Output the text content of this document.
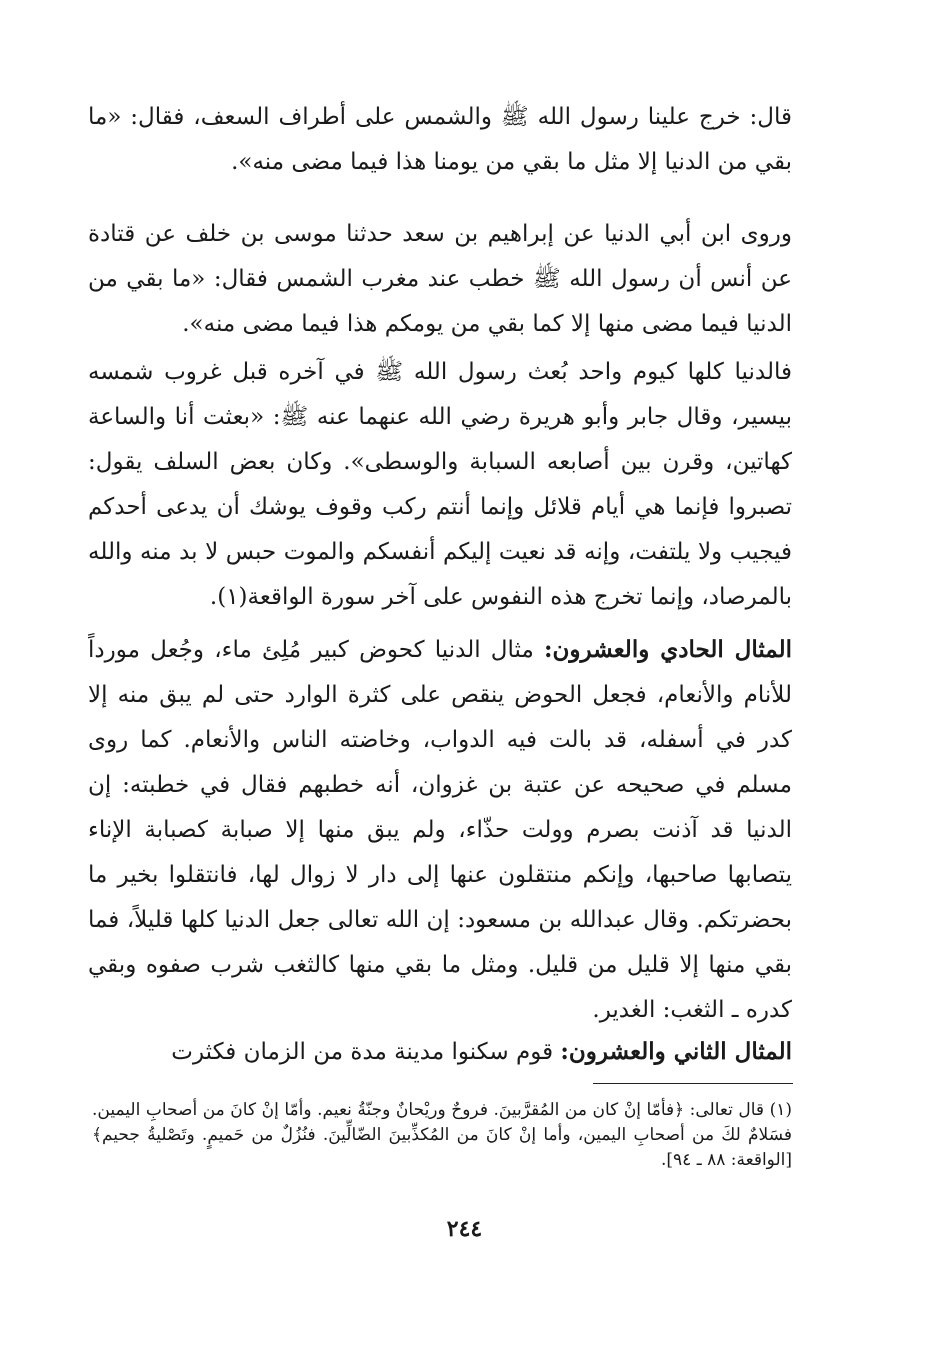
قال: خرج علينا رسول الله ﷺ والشمس على أطراف السعف، فقال: «ما بقي من الدنيا إلا مثل ما بقي من يومنا هذا فيما مضى منه».

وروى ابن أبي الدنيا عن إبراهيم بن سعد حدثنا موسى بن خلف عن قتادة عن أنس أن رسول الله ﷺ خطب عند مغرب الشمس فقال: «ما بقي من الدنيا فيما مضى منها إلا كما بقي من يومكم هذا فيما مضى منه».

فالدنيا كلها كيوم واحد بُعث رسول الله ﷺ في آخره قبل غروب شمسه بيسير، وقال جابر وأبو هريرة رضي الله عنهما عنه ﷺ: «بعثت أنا والساعة كهاتين، وقرن بين أصابعه السبابة والوسطى». وكان بعض السلف يقول: تصبروا فإنما هي أيام قلائل وإنما أنتم ركب وقوف يوشك أن يدعى أحدكم فيجيب ولا يلتفت، وإنه قد نعيت إليكم أنفسكم والموت حبس لا بد منه والله بالمرصاد، وإنما تخرج هذه النفوس على آخر سورة الواقعة(١).

المثال الحادي والعشرون: مثال الدنيا كحوض كبير مُلِئ ماء، وجُعل مورداً للأنام والأنعام، فجعل الحوض ينقص على كثرة الوارد حتى لم يبق منه إلا كدر في أسفله، قد بالت فيه الدواب، وخاضته الناس والأنعام. كما روى مسلم في صحيحه عن عتبة بن غزوان، أنه خطبهم فقال في خطبته: إن الدنيا قد آذنت بصرم وولت حذّاء، ولم يبق منها إلا صبابة كصبابة الإناء يتصابها صاحبها، وإنكم منتقلون عنها إلى دار لا زوال لها، فانتقلوا بخير ما بحضرتكم. وقال عبدالله بن مسعود: إن الله تعالى جعل الدنيا كلها قليلاً، فما بقي منها إلا قليل من قليل. ومثل ما بقي منها كالثغب شرب صفوه وبقي كدره ـ الثغب: الغدير.

المثال الثاني والعشرون: قوم سكنوا مدينة مدة من الزمان فكثرت

(١) قال تعالى: ﴿فأمّا إنْ كان من المُقرَّبينَ. فروحٌ وريْحانٌ وجنّةُ نعيم. وأمّا إنْ كانَ من أصحابِ اليمين. فسَلامٌ لكَ من أصحابِ اليمين، وأما إنْ كانَ من المُكذِّبينَ الضّالِّينَ. فنُزُلٌ من حَميمٍ. وتَصْليةُ جحيم﴾ [الواقعة: ٨٨ ـ ٩٤].

٢٤٤
